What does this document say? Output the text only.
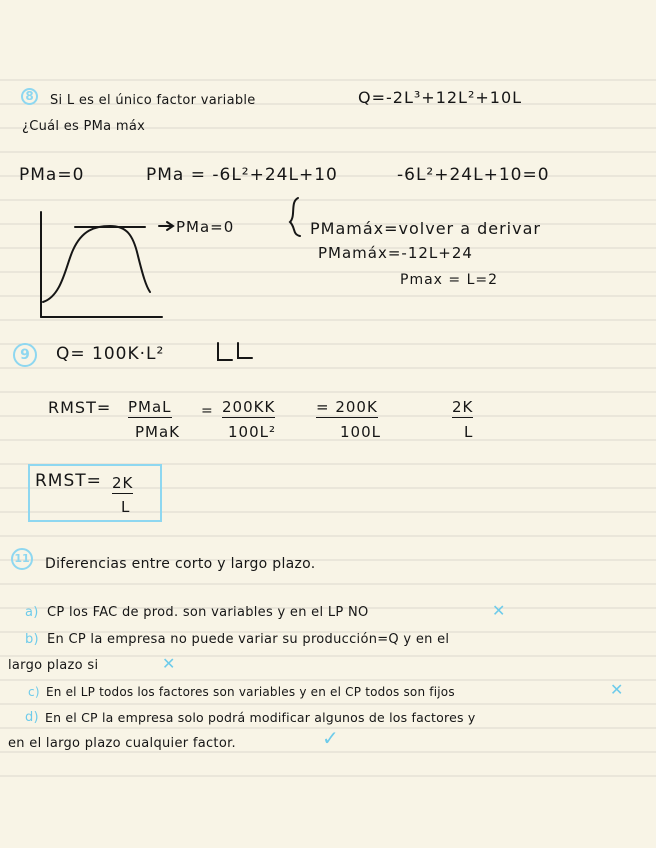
8	Si L es el único factor variable	Q=-2L³+12L²+10L
¿Cuál es PMa máx
PMa=0	PMa = -6L²+24L+10	-6L²+24L+10=0
PMa=0	PMamáx=volver a derivar
PMamáx=-12L+24
Pmax = L=2
9	Q= 100K·L²
RMST= PMaL
PMaK
= 200KK
100L²
= 200K
100L
2K
L
RMST= 2K
L
11 Diferencias entre corto y largo plazo.
a) CP los FAC de prod. son variables y en el LP NO	✕
b) En CP la empresa no puede variar su producción=Q y en el
largo plazo si	✕
c) En el LP todos los factores son variables y en el CP todos son fijos	✕
d) En el CP la empresa solo podrá modificar algunos de los factores y
en el largo plazo cualquier factor.	✓
